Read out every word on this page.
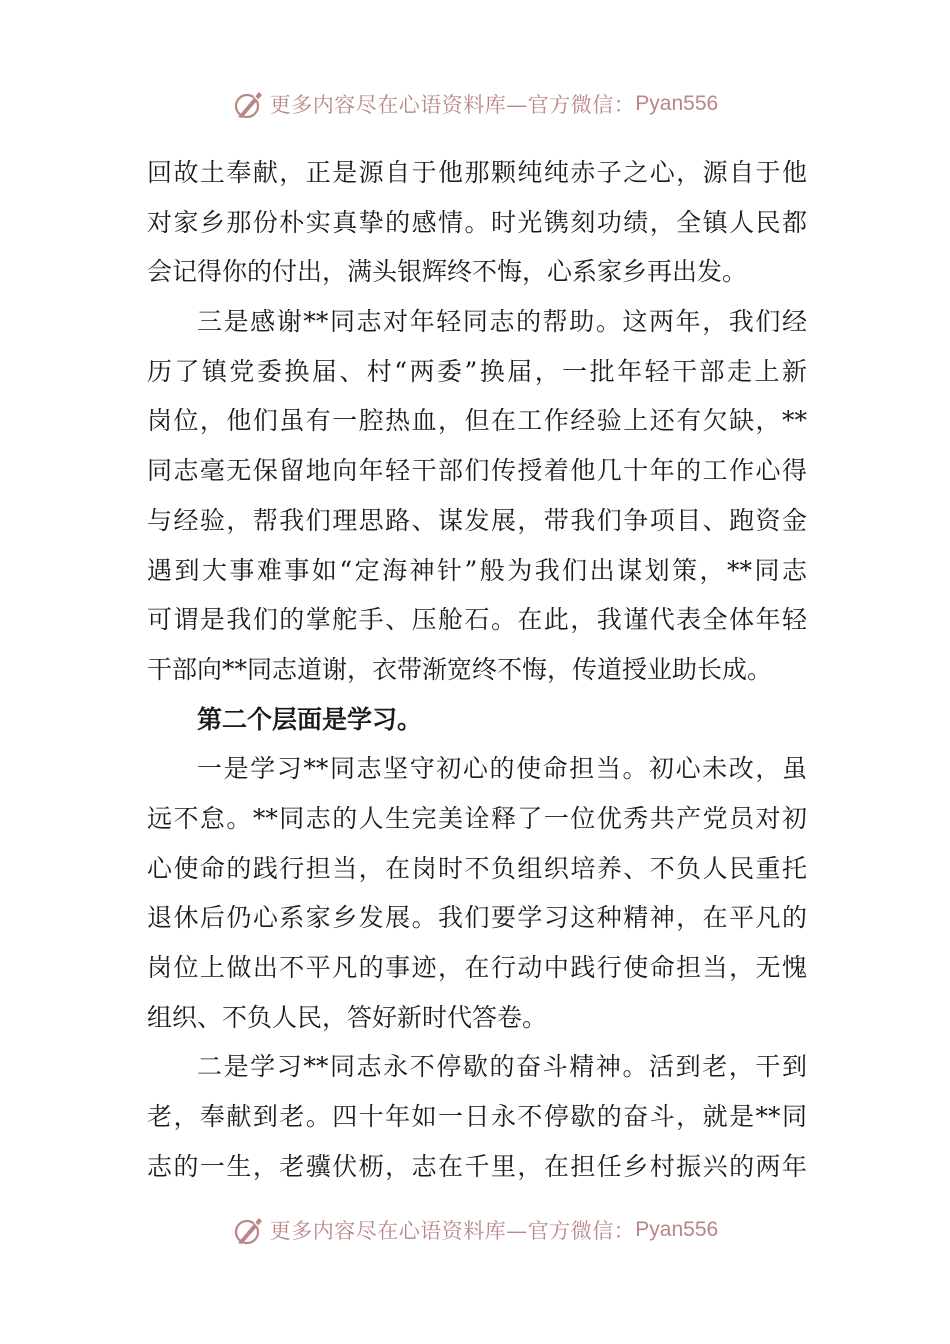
更多内容尽在心语资料库—官方微信： Pyan556
回故土奉献，正是源自于他那颗纯纯赤子之心，源自于他
对家乡那份朴实真挚的感情。时光镌刻功绩，全镇人民都
会记得你的付出，满头银辉终不悔，心系家乡再出发。
三是感谢**同志对年轻同志的帮助。这两年，我们经
历了镇党委换届、村“两委”换届，一批年轻干部走上新
岗位，他们虽有一腔热血，但在工作经验上还有欠缺，**
同志毫无保留地向年轻干部们传授着他几十年的工作心得
与经验，帮我们理思路、谋发展，带我们争项目、跑资金
遇到大事难事如“定海神针”般为我们出谋划策，**同志
可谓是我们的掌舵手、压舱石。在此，我谨代表全体年轻
干部向**同志道谢，衣带渐宽终不悔，传道授业助长成。
第二个层面是学习。
一是学习**同志坚守初心的使命担当。初心未改，虽
远不怠。**同志的人生完美诠释了一位优秀共产党员对初
心使命的践行担当，在岗时不负组织培养、不负人民重托
退休后仍心系家乡发展。我们要学习这种精神，在平凡的
岗位上做出不平凡的事迹，在行动中践行使命担当，无愧
组织、不负人民，答好新时代答卷。
二是学习**同志永不停歇的奋斗精神。活到老，干到
老，奉献到老。四十年如一日永不停歇的奋斗，就是**同
志的一生，老骥伏枥，志在千里，在担任乡村振兴的两年
更多内容尽在心语资料库—官方微信： Pyan556
